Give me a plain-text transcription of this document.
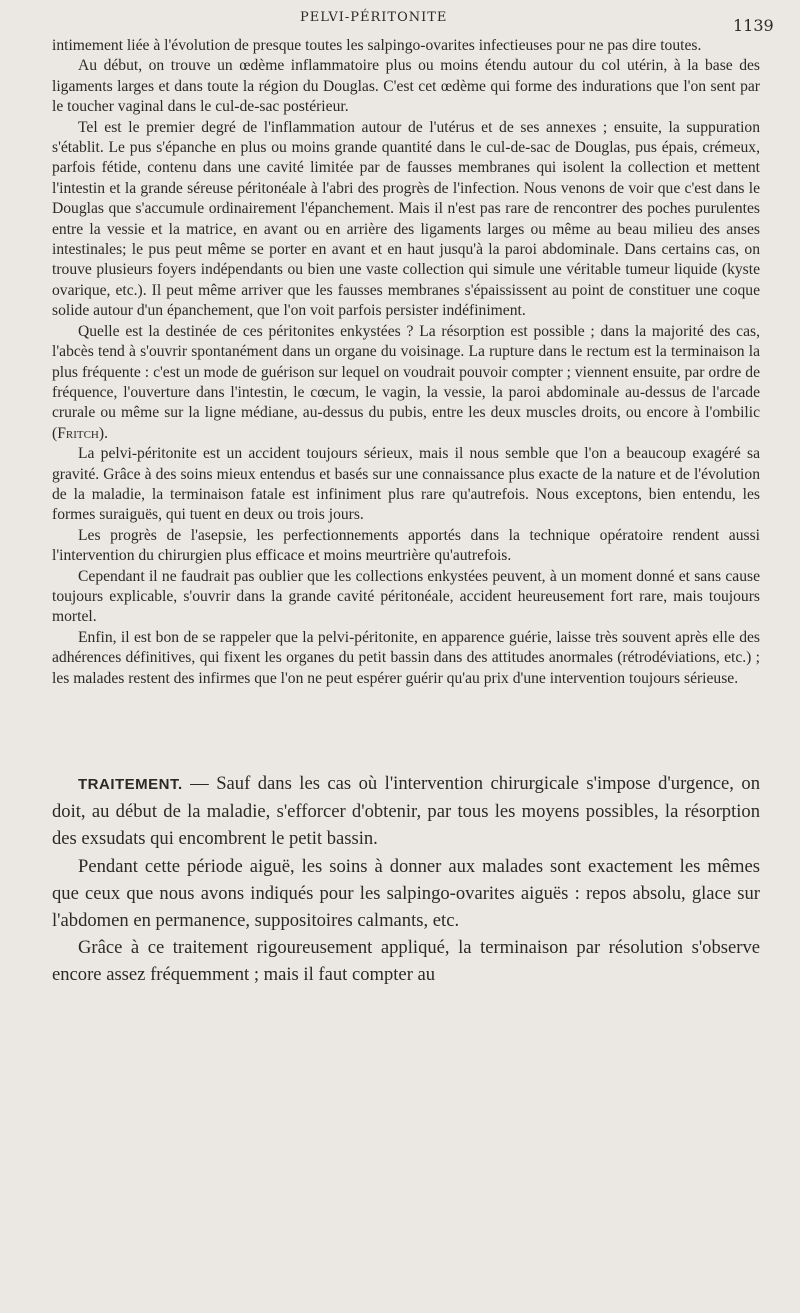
PELVI-PÉRITONITE	1139

intimement liée à l'évolution de presque toutes les salpingo-ovarites infectieuses pour ne pas dire toutes.

Au début, on trouve un œdème inflammatoire plus ou moins étendu autour du col utérin, à la base des ligaments larges et dans toute la région du Douglas. C'est cet œdème qui forme des indurations que l'on sent par le toucher vaginal dans le cul-de-sac postérieur.

Tel est le premier degré de l'inflammation autour de l'utérus et de ses annexes ; ensuite, la suppuration s'établit. Le pus s'épanche en plus ou moins grande quantité dans le cul-de-sac de Douglas, pus épais, crémeux, parfois fétide, contenu dans une cavité limitée par de fausses membranes qui isolent la collection et mettent l'intestin et la grande séreuse péritonéale à l'abri des progrès de l'infection. Nous venons de voir que c'est dans le Douglas que s'accumule ordinairement l'épanchement. Mais il n'est pas rare de rencontrer des poches purulentes entre la vessie et la matrice, en avant ou en arrière des ligaments larges ou même au beau milieu des anses intestinales; le pus peut même se porter en avant et en haut jusqu'à la paroi abdominale. Dans certains cas, on trouve plusieurs foyers indépendants ou bien une vaste collection qui simule une véritable tumeur liquide (kyste ovarique, etc.). Il peut même arriver que les fausses membranes s'épaississent au point de constituer une coque solide autour d'un épanchement, que l'on voit parfois persister indéfiniment.

Quelle est la destinée de ces péritonites enkystées ? La résorption est possible ; dans la majorité des cas, l'abcès tend à s'ouvrir spontanément dans un organe du voisinage. La rupture dans le rectum est la terminaison la plus fréquente : c'est un mode de guérison sur lequel on voudrait pouvoir compter ; viennent ensuite, par ordre de fréquence, l'ouverture dans l'intestin, le cœcum, le vagin, la vessie, la paroi abdominale au-dessus de l'arcade crurale ou même sur la ligne médiane, au-dessus du pubis, entre les deux muscles droits, ou encore à l'ombilic (Fritch).

La pelvi-péritonite est un accident toujours sérieux, mais il nous semble que l'on a beaucoup exagéré sa gravité. Grâce à des soins mieux entendus et basés sur une connaissance plus exacte de la nature et de l'évolution de la maladie, la terminaison fatale est infiniment plus rare qu'autrefois. Nous exceptons, bien entendu, les formes suraiguës, qui tuent en deux ou trois jours.

Les progrès de l'asepsie, les perfectionnements apportés dans la technique opératoire rendent aussi l'intervention du chirurgien plus efficace et moins meurtrière qu'autrefois.

Cependant il ne faudrait pas oublier que les collections enkystées peuvent, à un moment donné et sans cause toujours explicable, s'ouvrir dans la grande cavité péritonéale, accident heureusement fort rare, mais toujours mortel.

Enfin, il est bon de se rappeler que la pelvi-péritonite, en apparence guérie, laisse très souvent après elle des adhérences définitives, qui fixent les organes du petit bassin dans des attitudes anormales (rétrodéviations, etc.) ; les malades restent des infirmes que l'on ne peut espérer guérir qu'au prix d'une intervention toujours sérieuse.

TRAITEMENT. — Sauf dans les cas où l'intervention chirurgicale s'impose d'urgence, on doit, au début de la maladie, s'efforcer d'obtenir, par tous les moyens possibles, la résorption des exsudats qui encombrent le petit bassin.

Pendant cette période aiguë, les soins à donner aux malades sont exactement les mêmes que ceux que nous avons indiqués pour les salpingo-ovarites aiguës : repos absolu, glace sur l'abdomen en permanence, suppositoires calmants, etc.

Grâce à ce traitement rigoureusement appliqué, la terminaison par résolution s'observe encore assez fréquemment ; mais il faut compter au
